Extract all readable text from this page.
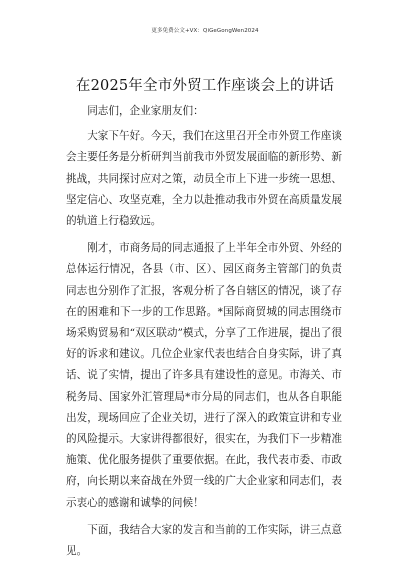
更多免费公文+VX：QiGeGongWen2024
在2025年全市外贸工作座谈会上的讲话

同志们，企业家朋友们：

大家下午好。今天，我们在这里召开全市外贸工作座谈会主要任务是分析研判当前我市外贸发展面临的新形势、新挑战，共同探讨应对之策，动员全市上下进一步统一思想、坚定信心、攻坚克难，全力以赴推动我市外贸在高质量发展的轨道上行稳致远。

刚才，市商务局的同志通报了上半年全市外贸、外经的总体运行情况，各县（市、区）、园区商务主管部门的负责同志也分别作了汇报，客观分析了各自辖区的情况，谈了存在的困难和下一步的工作思路。*国际商贸城的同志围绕市场采购贸易和“双区联动”模式，分享了工作进展，提出了很好的诉求和建议。几位企业家代表也结合自身实际，讲了真话、说了实情，提出了许多具有建设性的意见。市海关、市税务局、国家外汇管理局*市分局的同志们，也从各自职能出发，现场回应了企业关切，进行了深入的政策宣讲和专业的风险提示。大家讲得都很好，很实在，为我们下一步精准施策、优化服务提供了重要依据。在此，我代表市委、市政府，向长期以来奋战在外贸一线的广大企业家和同志们，表示衷心的感谢和诚挚的问候！

下面，我结合大家的发言和当前的工作实际，讲三点意见。
